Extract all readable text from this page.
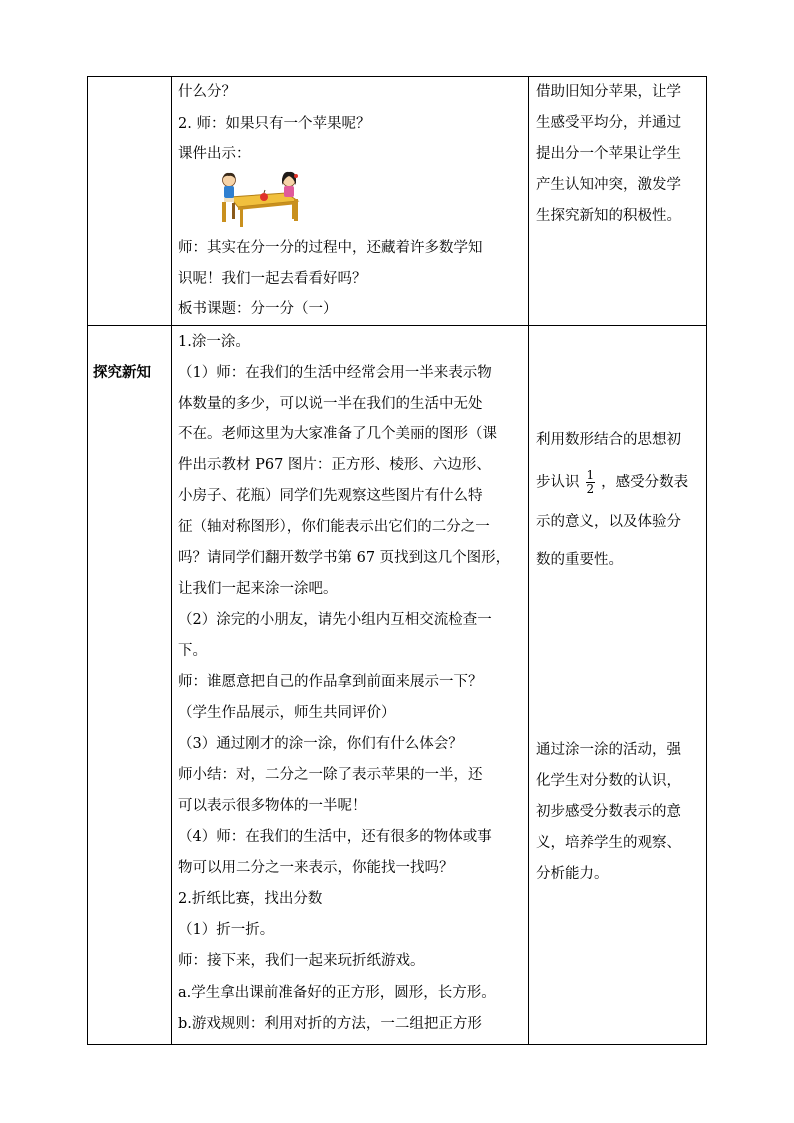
什么分？
2. 师：如果只有一个苹果呢？
课件出示：
师：其实在分一分的过程中，还藏着许多数学知
识呢！我们一起去看看好吗？
板书课题：分一分（一）
借助旧知分苹果，让学
生感受平均分，并通过
提出分一个苹果让学生
产生认知冲突，激发学
生探究新知的积极性。
探究新知
1.涂一涂。
（1）师：在我们的生活中经常会用一半来表示物
体数量的多少，可以说一半在我们的生活中无处
不在。老师这里为大家准备了几个美丽的图形（课
件出示教材 P67 图片：正方形、棱形、六边形、
小房子、花瓶）同学们先观察这些图片有什么特
征（轴对称图形），你们能表示出它们的二分之一
吗？请同学们翻开数学书第 67 页找到这几个图形，
让我们一起来涂一涂吧。
（2）涂完的小朋友，请先小组内互相交流检查一
下。
师：谁愿意把自己的作品拿到前面来展示一下？
（学生作品展示，师生共同评价）
（3）通过刚才的涂一涂，你们有什么体会？
师小结：对，二分之一除了表示苹果的一半，还
可以表示很多物体的一半呢！
（4）师：在我们的生活中，还有很多的物体或事
物可以用二分之一来表示，你能找一找吗？
2.折纸比赛，找出分数
（1）折一折。
师：接下来，我们一起来玩折纸游戏。
a.学生拿出课前准备好的正方形，圆形，长方形。
b.游戏规则：利用对折的方法，一二组把正方形
利用数形结合的思想初
步认识 $\frac{1}{2}$ ，感受分数表
示的意义，以及体验分
数的重要性。
通过涂一涂的活动，强
化学生对分数的认识，
初步感受分数表示的意
义，培养学生的观察、
分析能力。
